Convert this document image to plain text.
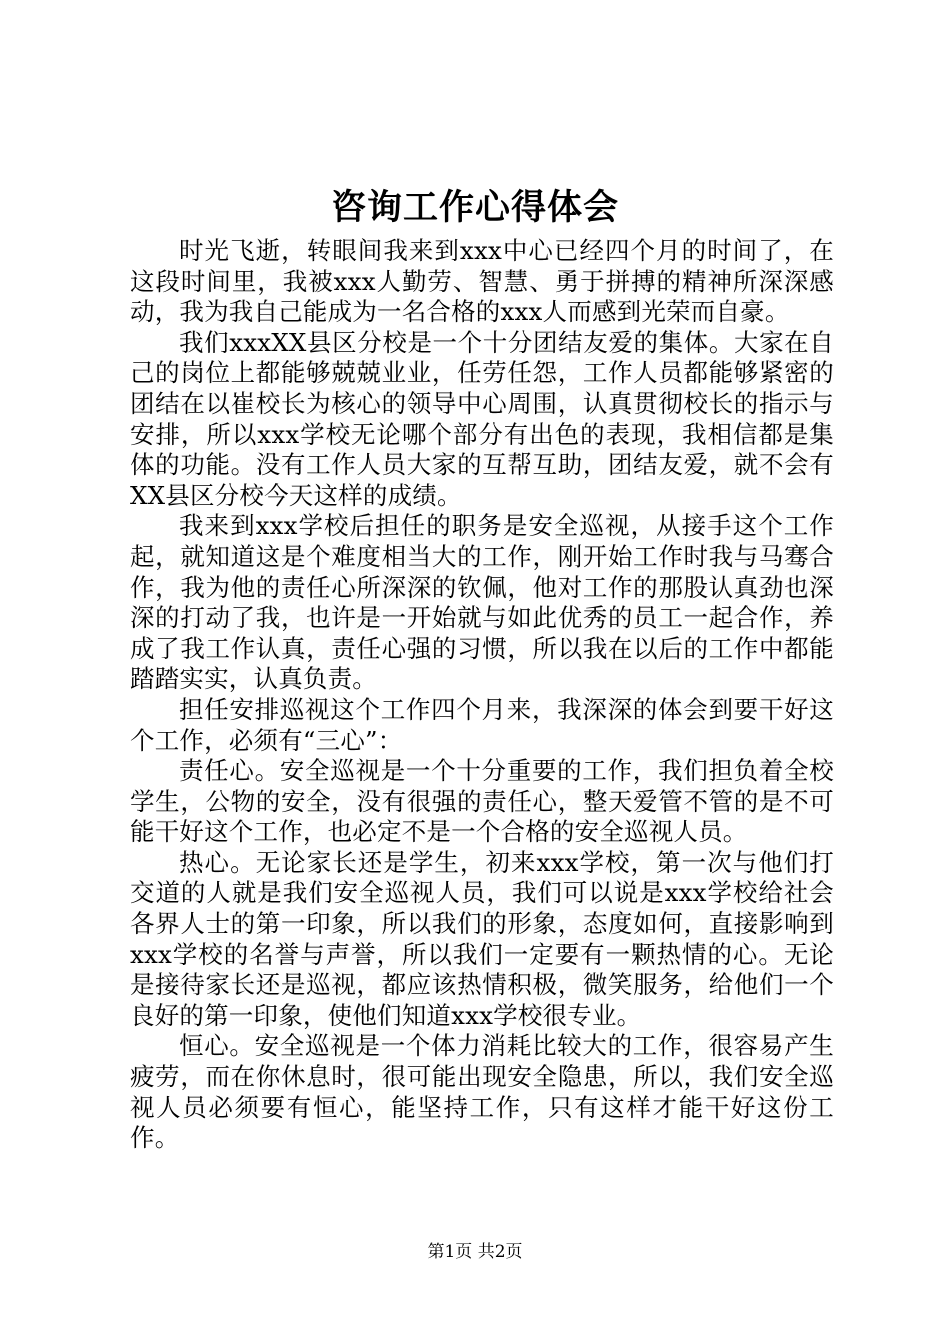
咨询工作心得体会

时光飞逝，转眼间我来到xxx中心已经四个月的时间了，在这段时间里，我被xxx人勤劳、智慧、勇于拼搏的精神所深深感动，我为我自己能成为一名合格的xxx人而感到光荣而自豪。

我们xxxXX县区分校是一个十分团结友爱的集体。大家在自己的岗位上都能够兢兢业业，任劳任怨，工作人员都能够紧密的团结在以崔校长为核心的领导中心周围，认真贯彻校长的指示与安排，所以xxx学校无论哪个部分有出色的表现，我相信都是集体的功能。没有工作人员大家的互帮互助，团结友爱，就不会有XX县区分校今天这样的成绩。

我来到xxx学校后担任的职务是安全巡视，从接手这个工作起，就知道这是个难度相当大的工作，刚开始工作时我与马骞合作，我为他的责任心所深深的钦佩，他对工作的那股认真劲也深深的打动了我，也许是一开始就与如此优秀的员工一起合作，养成了我工作认真，责任心强的习惯，所以我在以后的工作中都能踏踏实实，认真负责。

担任安排巡视这个工作四个月来，我深深的体会到要干好这个工作，必须有“三心”：

责任心。安全巡视是一个十分重要的工作，我们担负着全校学生，公物的安全，没有很强的责任心，整天爱管不管的是不可能干好这个工作，也必定不是一个合格的安全巡视人员。

热心。无论家长还是学生，初来xxx学校，第一次与他们打交道的人就是我们安全巡视人员，我们可以说是xxx学校给社会各界人士的第一印象，所以我们的形象，态度如何，直接影响到xxx学校的名誉与声誉，所以我们一定要有一颗热情的心。无论是接待家长还是巡视，都应该热情积极，微笑服务，给他们一个良好的第一印象，使他们知道xxx学校很专业。

恒心。安全巡视是一个体力消耗比较大的工作，很容易产生疲劳，而在你休息时，很可能出现安全隐患，所以，我们安全巡视人员必须要有恒心，能坚持工作，只有这样才能干好这份工作。

第1页 共2页
